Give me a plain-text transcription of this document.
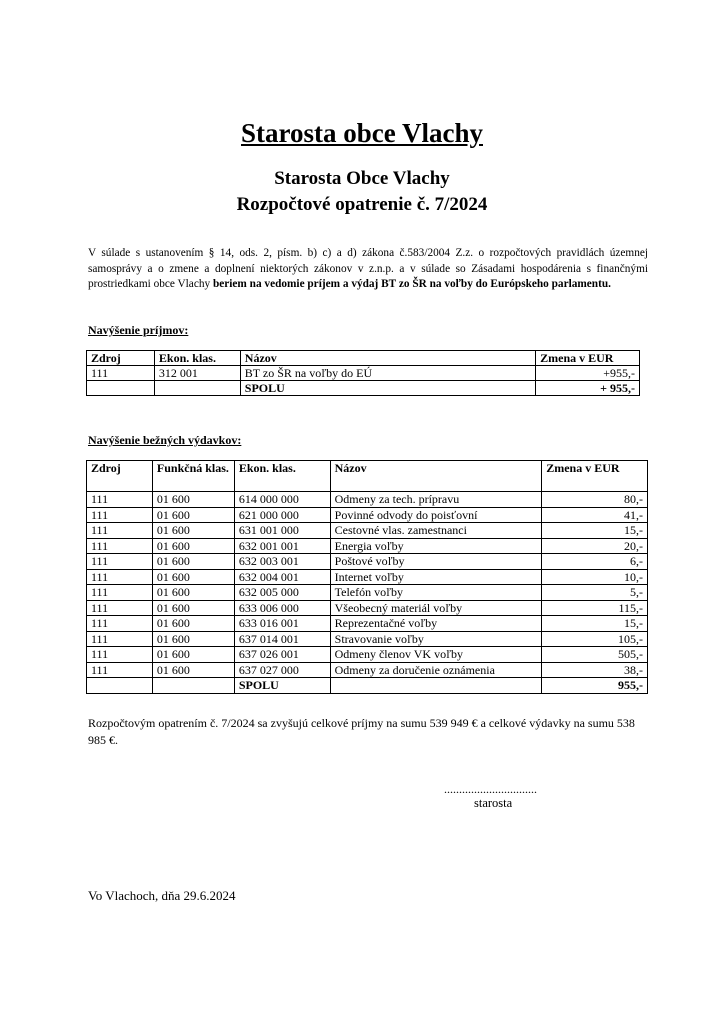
Starosta obce Vlachy
Starosta Obce Vlachy
Rozpočtové opatrenie č. 7/2024
V súlade s ustanovením § 14, ods. 2, písm. b) c) a d) zákona č.583/2004 Z.z. o rozpočtových pravidlách územnej samosprávy a o zmene a doplnení niektorých zákonov v z.n.p. a v súlade so Zásadami hospodárenia s finančnými prostriedkami obce Vlachy beriem na vedomie príjem a výdaj BT zo ŠR na voľby do Európskeho parlamentu.
Navýšenie príjmov:
Zdroj	Ekon. klas.	Názov	Zmena v EUR
111	312 001	BT zo ŠR na voľby do EÚ	+955,-
		SPOLU	+ 955,-
Navýšenie bežných výdavkov:
Zdroj	Funkčná klas.	Ekon. klas.	Názov	Zmena v EUR
111	01 600	614 000 000	Odmeny za tech. prípravu	80,-
111	01 600	621 000 000	Povinné odvody do poisťovní	41,-
111	01 600	631 001 000	Cestovné vlas. zamestnanci	15,-
111	01 600	632 001 001	Energia voľby	20,-
111	01 600	632 003 001	Poštové voľby	6,-
111	01 600	632 004 001	Internet voľby	10,-
111	01 600	632 005 000	Telefón voľby	5,-
111	01 600	633 006 000	Všeobecný materiál voľby	115,-
111	01 600	633 016 001	Reprezentačné voľby	15,-
111	01 600	637 014 001	Stravovanie voľby	105,-
111	01 600	637 026 001	Odmeny členov VK voľby	505,-
111	01 600	637 027 000	Odmeny za doručenie oznámenia	38,-
		SPOLU		955,-
Rozpočtovým opatrením č. 7/2024 sa zvyšujú celkové príjmy na sumu 539 949 € a celkové výdavky na sumu 538 985 €.
...............................
starosta
Vo Vlachoch, dňa 29.6.2024
